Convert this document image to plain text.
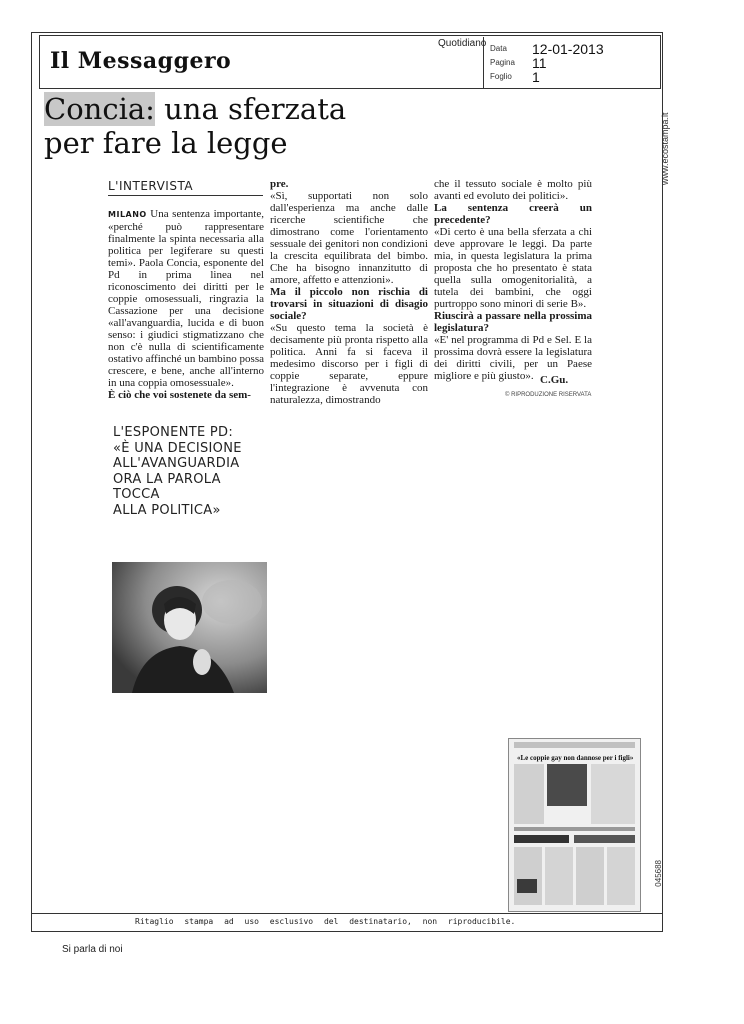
Il Messaggero
Quotidiano Data 12-01-2013
Pagina 11
Foglio 1
www.ecostampa.it
045688
Concia: una sferzata
per fare la legge
L'INTERVISTA

MILANO Una sentenza importante, «perché può rappresentare finalmente la spinta necessaria alla politica per legiferare su questi temi». Paola Concia, esponente del Pd in prima linea nel riconoscimento dei diritti per le coppie omosessuali, ringrazia la Cassazione per una decisione «all'avanguardia, lucida e di buon senso: i giudici stigmatizzano che non c'è nulla di scientificamente ostativo affinché un bambino possa crescere, e bene, anche all'interno in una coppia omosessuale».

È ciò che voi sostenete da sem-

pre.

«Sì, supportati non solo dall'esperienza ma anche dalle ricerche scientifiche che dimostrano come l'orientamento sessuale dei genitori non condizioni la crescita equilibrata del bimbo. Che ha bisogno innanzitutto di amore, affetto e attenzioni».

Ma il piccolo non rischia di trovarsi in situazioni di disagio sociale?

«Su questo tema la società è decisamente più pronta rispetto alla politica. Anni fa si faceva il medesimo discorso per i figli di coppie separate, eppure l'integrazione è avvenuta con naturalezza, dimostrando

che il tessuto sociale è molto più avanti ed evoluto dei politici».

La sentenza creerà un precedente?

«Di certo è una bella sferzata a chi deve approvare le leggi. Da parte mia, in questa legislatura la prima proposta che ho presentato è stata quella sulla omogenitorialità, a tutela dei bambini, che oggi purtroppo sono minori di serie B».

Riuscirà a passare nella prossima legislatura?

«E' nel programma di Pd e Sel. E la prossima dovrà essere la legislatura dei diritti civili, per un Paese migliore e più giusto». C.Gu.
© RIPRODUZIONE RISERVATA
L'ESPONENTE PD:
«È UNA DECISIONE
ALL'AVANGUARDIA
ORA LA PAROLA
TOCCA
ALLA POLITICA»
«Le coppie gay non dannose per i figli»
Ritaglio stampa ad uso esclusivo del destinatario, non riproducibile.
Si parla di noi
